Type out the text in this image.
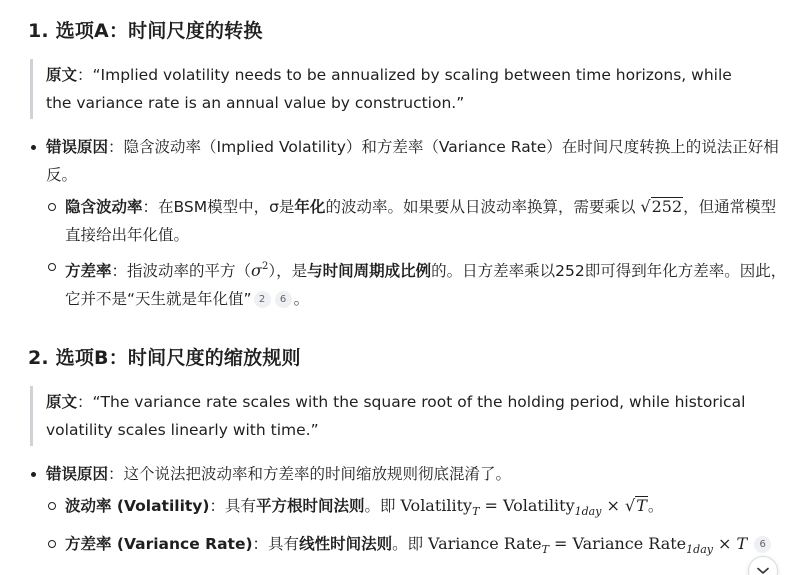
1. 选项A：时间尺度的转换
原文：“Implied volatility needs to be annualized by scaling between time horizons, while the variance rate is an annual value by construction.”
错误原因：隐含波动率（Implied Volatility）和方差率（Variance Rate）在时间尺度转换上的说法正好相反。
隐含波动率：在BSM模型中，σ是年化的波动率。如果要从日波动率换算，需要乘以 √252，但通常模型直接给出年化值。
方差率：指波动率的平方$(\sigma^2)$，是与时间周期成比例的。日方差率乘以252即可得到年化方差率。因此，它并不是“天生就是年化值” 2 6 。
2. 选项B：时间尺度的缩放规则
原文：“The variance rate scales with the square root of the holding period, while historical volatility scales linearly with time.”
错误原因：这个说法把波动率和方差率的时间缩放规则彻底混淆了。
波动率 (Volatility)：具有平方根时间法则。即 Volatility$_T$ = Volatility$_{1day}$ × √T。
方差率 (Variance Rate)：具有线性时间法则。即 Variance Rate$_T$ = Variance Rate$_{1day}$ × T 6
